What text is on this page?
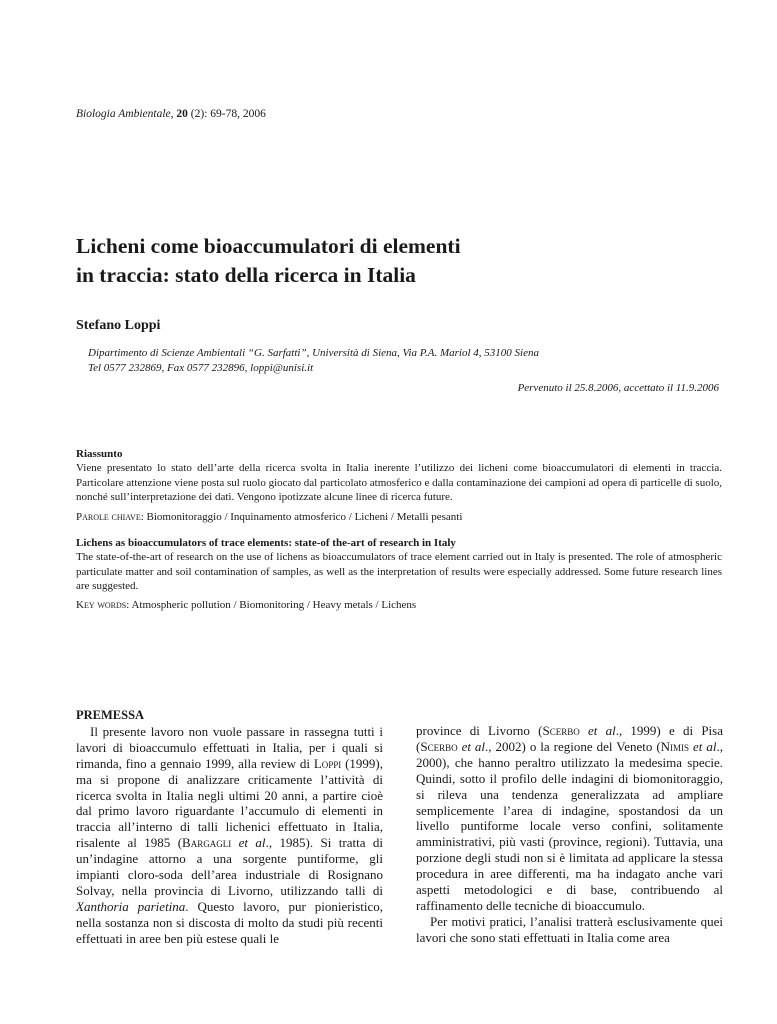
Biologia Ambientale, 20 (2): 69-78, 2006
Licheni come bioaccumulatori di elementi
in traccia: stato della ricerca in Italia
Stefano Loppi
Dipartimento di Scienze Ambientali “G. Sarfatti”, Università di Siena, Via P.A. Mariol 4, 53100 Siena
Tel 0577 232869, Fax 0577 232896, loppi@unisi.it
Pervenuto il 25.8.2006, accettato il 11.9.2006
Riassunto
Viene presentato lo stato dell’arte della ricerca svolta in Italia inerente l’utilizzo dei licheni come bioaccumulatori di elementi in traccia. Particolare attenzione viene posta sul ruolo giocato dal particolato atmosferico e dalla contaminazione dei campioni ad opera di particelle di suolo, nonché sull’interpretazione dei dati. Vengono ipotizzate alcune linee di ricerca future.
Parole chiave: Biomonitoraggio / Inquinamento atmosferico / Licheni / Metalli pesanti
Lichens as bioaccumulators of trace elements: state-of the-art of research in Italy
The state-of-the-art of research on the use of lichens as bioaccumulators of trace element carried out in Italy is presented. The role of atmospheric particulate matter and soil contamination of samples, as well as the interpretation of results were especially addressed. Some future research lines are suggested.
Key words: Atmospheric pollution / Biomonitoring / Heavy metals / Lichens
PREMESSA

Il presente lavoro non vuole passare in rassegna tutti i lavori di bioaccumulo effettuati in Italia, per i quali si rimanda, fino a gennaio 1999, alla review di Loppi (1999), ma si propone di analizzare criticamente l’attività di ricerca svolta in Italia negli ultimi 20 anni, a partire cioè dal primo lavoro riguardante l’accumulo di elementi in traccia all’interno di talli lichenici effettuato in Italia, risalente al 1985 (Bargagli et al., 1985). Si tratta di un’indagine attorno a una sorgente puntiforme, gli impianti cloro-soda dell’area industriale di Rosignano Solvay, nella provincia di Livorno, utilizzando talli di Xanthoria parietina. Questo lavoro, pur pionieristico, nella sostanza non si discosta di molto da studi più recenti effettuati in aree ben più estese quali le

province di Livorno (Scerbo et al., 1999) e di Pisa (Scerbo et al., 2002) o la regione del Veneto (Nimis et al., 2000), che hanno peraltro utilizzato la medesima specie. Quindi, sotto il profilo delle indagini di biomonitoraggio, si rileva una tendenza generalizzata ad ampliare semplicemente l’area di indagine, spostandosi da un livello puntiforme locale verso confini, solitamente amministrativi, più vasti (province, regioni). Tuttavia, una porzione degli studi non si è limitata ad applicare la stessa procedura in aree differenti, ma ha indagato anche vari aspetti metodologici e di base, contribuendo al raffinamento delle tecniche di bioaccumulo.

Per motivi pratici, l’analisi tratterà esclusivamente quei lavori che sono stati effettuati in Italia come area
